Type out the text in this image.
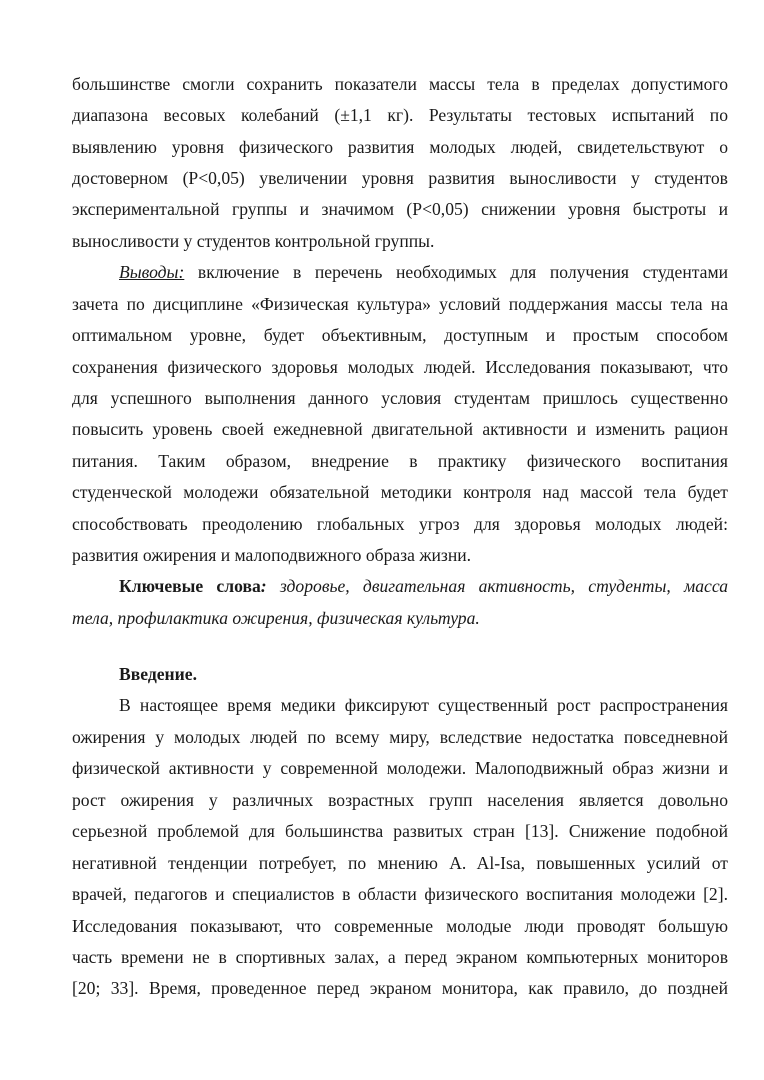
большинстве смогли сохранить показатели массы тела в пределах допустимого
диапазона весовых колебаний (±1,1 кг). Результаты тестовых испытаний по
выявлению уровня физического развития молодых людей, свидетельствуют о
достоверном (P<0,05) увеличении уровня развития выносливости у студентов
экспериментальной группы и значимом (P<0,05) снижении уровня быстроты и
выносливости у студентов контрольной группы.
Выводы: включение в перечень необходимых для получения студентами
зачета по дисциплине «Физическая культура» условий поддержания массы тела на
оптимальном уровне, будет объективным, доступным и простым способом
сохранения физического здоровья молодых людей. Исследования показывают, что
для успешного выполнения данного условия студентам пришлось существенно
повысить уровень своей ежедневной двигательной активности и изменить рацион
питания. Таким образом, внедрение в практику физического воспитания
студенческой молодежи обязательной методики контроля над массой тела будет
способствовать преодолению глобальных угроз для здоровья молодых людей:
развития ожирения и малоподвижного образа жизни.
Ключевые слова: здоровье, двигательная активность, студенты, масса
тела, профилактика ожирения, физическая культура.
Введение.
В настоящее время медики фиксируют существенный рост распространения
ожирения у молодых людей по всему миру, вследствие недостатка повседневной
физической активности у современной молодежи. Малоподвижный образ жизни и
рост ожирения у различных возрастных групп населения является довольно
серьезной проблемой для большинства развитых стран [13]. Снижение подобной
негативной тенденции потребует, по мнению A. Al-Isa, повышенных усилий от
врачей, педагогов и специалистов в области физического воспитания молодежи [2].
Исследования показывают, что современные молодые люди проводят большую
часть времени не в спортивных залах, а перед экраном компьютерных мониторов
[20; 33]. Время, проведенное перед экраном монитора, как правило, до поздней
